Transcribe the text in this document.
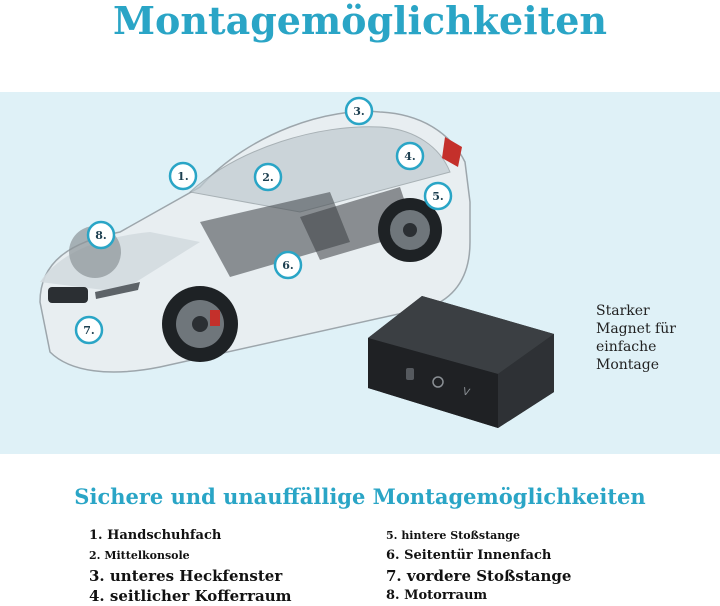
Montagemöglichkeiten
1.	2.
3.
4.
5.
6.
7.
8.
V
Starker
Magnet für
einfache
Montage
Sichere und unauffällige Montagemöglichkeiten
1. Handschuhfach
2. Mittelkonsole
3. unteres Heckfenster
4. seitlicher Kofferraum
5. hintere Stoßstange
6. Seitentür Innenfach
7. vordere Stoßstange
8. Motorraum
